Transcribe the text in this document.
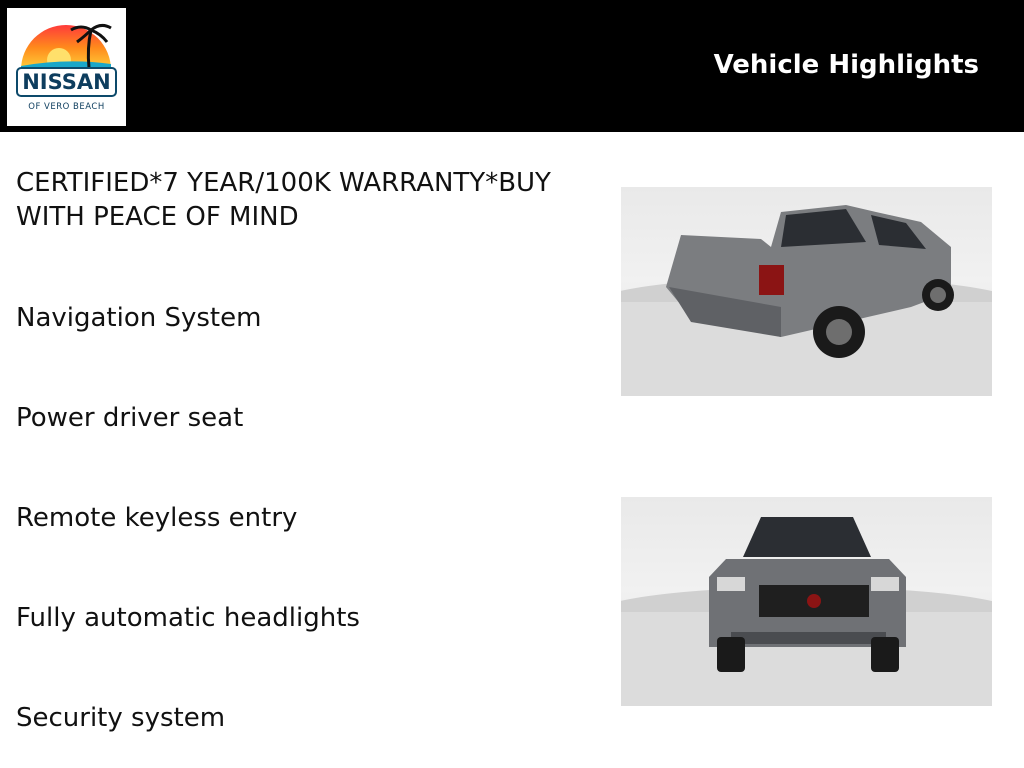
NISSAN
OF VERO BEACH
Vehicle Highlights
CERTIFIED*7 YEAR/100K WARRANTY*BUY WITH PEACE OF MIND
Navigation System
Power driver seat
Remote keyless entry
Fully automatic headlights
Security system
